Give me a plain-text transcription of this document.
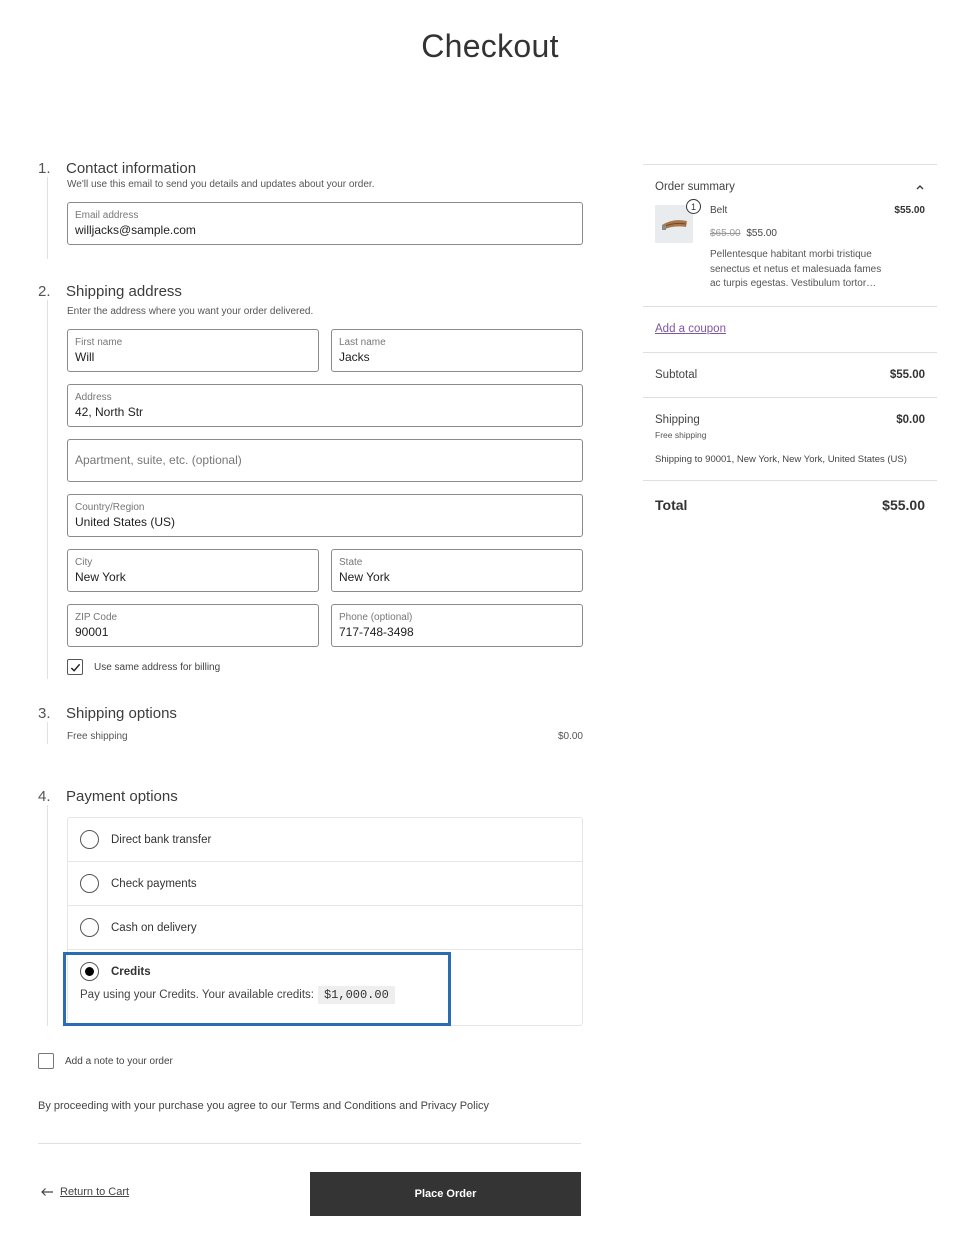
Checkout
1.	Contact information
We'll use this email to send you details and updates about your order.
Email address
willjacks@sample.com
2.	Shipping address
Enter the address where you want your order delivered.
First name
Will
Last name
Jacks
Address
42, North Str
Apartment, suite, etc. (optional)
Country/Region
United States (US)
City
New York
State
New York
ZIP Code
90001
Phone (optional)
717-748-3498
Use same address for billing
3.	Shipping options
Free shipping	$0.00
4.	Payment options
Direct bank transfer
Check payments
Cash on delivery
Credits
Pay using your Credits. Your available credits: $1,000.00
Add a note to your order
By proceeding with your purchase you agree to our Terms and Conditions and Privacy Policy
Return to Cart	Place Order
Order summary
1	Belt	$55.00
$65.00 $55.00
Pellentesque habitant morbi tristique senectus et netus et malesuada fames ac turpis egestas. Vestibulum tortor…
Add a coupon
Subtotal	$55.00
Shipping	$0.00
Free shipping
Shipping to 90001, New York, New York, United States (US)
Total	$55.00
